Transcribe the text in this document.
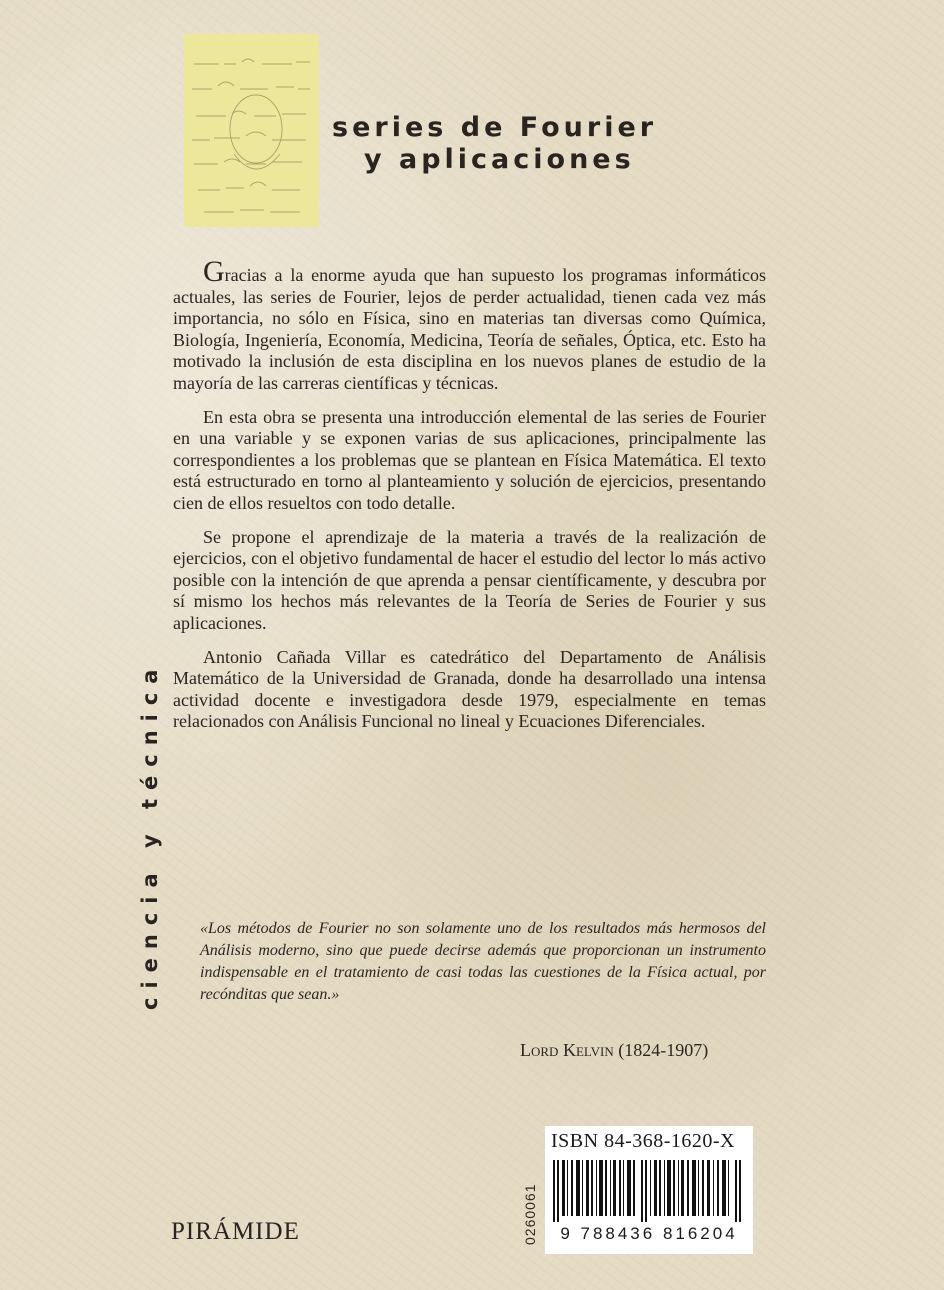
series de Fourier
y aplicaciones
ciencia y técnica

Gracias a la enorme ayuda que han supuesto los programas informáticos actuales, las series de Fourier, lejos de perder actualidad, tienen cada vez más importancia, no sólo en Física, sino en materias tan diversas como Química, Biología, Ingeniería, Economía, Medicina, Teoría de señales, Óptica, etc. Esto ha motivado la inclusión de esta disciplina en los nuevos planes de estudio de la mayoría de las carreras científicas y técnicas.

En esta obra se presenta una introducción elemental de las series de Fourier en una variable y se exponen varias de sus aplicaciones, principalmente las correspondientes a los problemas que se plantean en Física Matemática. El texto está estructurado en torno al planteamiento y solución de ejercicios, presentando cien de ellos resueltos con todo detalle.

Se propone el aprendizaje de la materia a través de la realización de ejercicios, con el objetivo fundamental de hacer el estudio del lector lo más activo posible con la intención de que aprenda a pensar científicamente, y descubra por sí mismo los hechos más relevantes de la Teoría de Series de Fourier y sus aplicaciones.

Antonio Cañada Villar es catedrático del Departamento de Análisis Matemático de la Universidad de Granada, donde ha desarrollado una intensa actividad docente e investigadora desde 1979, especialmente en temas relacionados con Análisis Funcional no lineal y Ecuaciones Diferenciales.

«Los métodos de Fourier no son solamente uno de los resultados más hermosos del Análisis moderno, sino que puede decirse además que proporcionan un instrumento indispensable en el tratamiento de casi todas las cuestiones de la Física actual, por recónditas que sean.»

Lord Kelvin (1824-1907)

0260061
PIRÁMIDE
ISBN 84-368-1620-X
9 788436 816204
